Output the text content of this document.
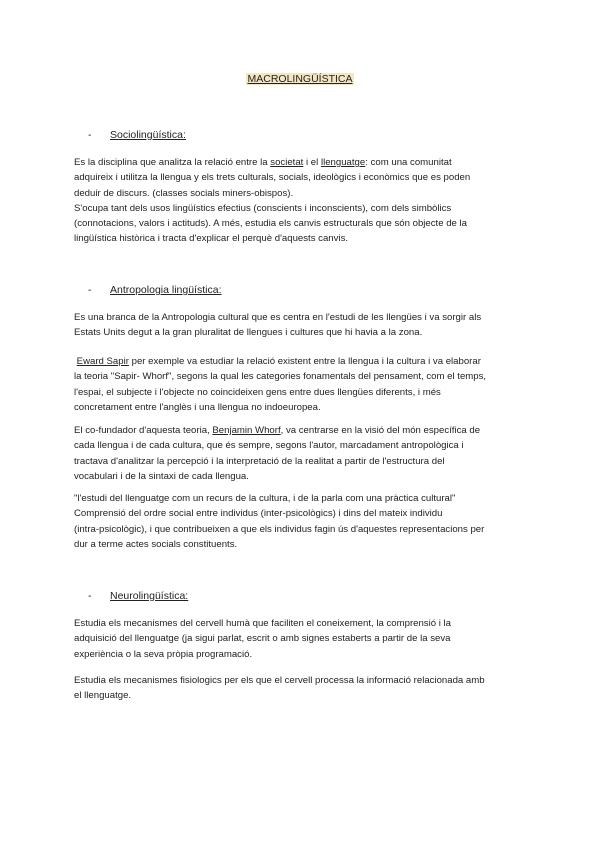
MACROLINGÜÍSTICA
- Sociolingüística:
Es la disciplina que analitza la relació entre la societat i el llenguatge: com una comunitat
adquireix i utilitza la llengua y els trets culturals, socials, ideològics i econòmics que es poden
deduir de discurs. (classes socials miners-obispos).
S'ocupa tant dels usos lingüístics efectius (conscients i inconscients), com dels simbòlics
(connotacions, valors i actituds). A més, estudia els canvis estructurals que són objecte de la
lingüística històrica i tracta d'explicar el perquè d'aquests canvis.
- Antropologia lingüística:
Es una branca de la Antropologia cultural que es centra en l'estudi de les llengües i va sorgir als
Estats Units degut a la gran pluralitat de llengues i cultures que hi havia a la zona.
Eward Sapir per exemple va estudiar la relació existent entre la llengua i la cultura i va elaborar
la teoria "Sapir- Whorf", segons la qual les categories fonamentals del pensament, com el temps,
l'espai, el subjecte i l'objecte no coincideixen gens entre dues llengües diferents, i més
concretament entre l'anglès i una llengua no indoeuropea.
El co-fundador d'aquesta teoria, Benjamin Whorf, va centrarse en la visió del món específica de
cada llengua i de cada cultura, que és sempre, segons l'autor, marcadament antropològica i
tractava d'analitzar la percepció i la interpretació de la realitat a partir de l'estructura del
vocabulari i de la sintaxi de cada llengua.
"l'estudi del llenguatge com un recurs de la cultura, i de la parla com una pràctica cultural"
Comprensió del ordre social entre individus (inter-psicològics) i dins del mateix individu
(intra-psicològic), i que contribueixen a que els individus fagin ús d'aquestes representacions per
dur a terme actes socials constituents.
- Neurolingüística:
Estudia els mecanismes del cervell humà que faciliten el coneixement, la comprensió i la
adquisició del llenguatge (ja sigui parlat, escrit o amb signes estaberts a partir de la seva
experiència o la seva pròpia programació.
Estudia els mecanismes fisiologics per els que el cervell processa la informació relacionada amb
el llenguatge.
